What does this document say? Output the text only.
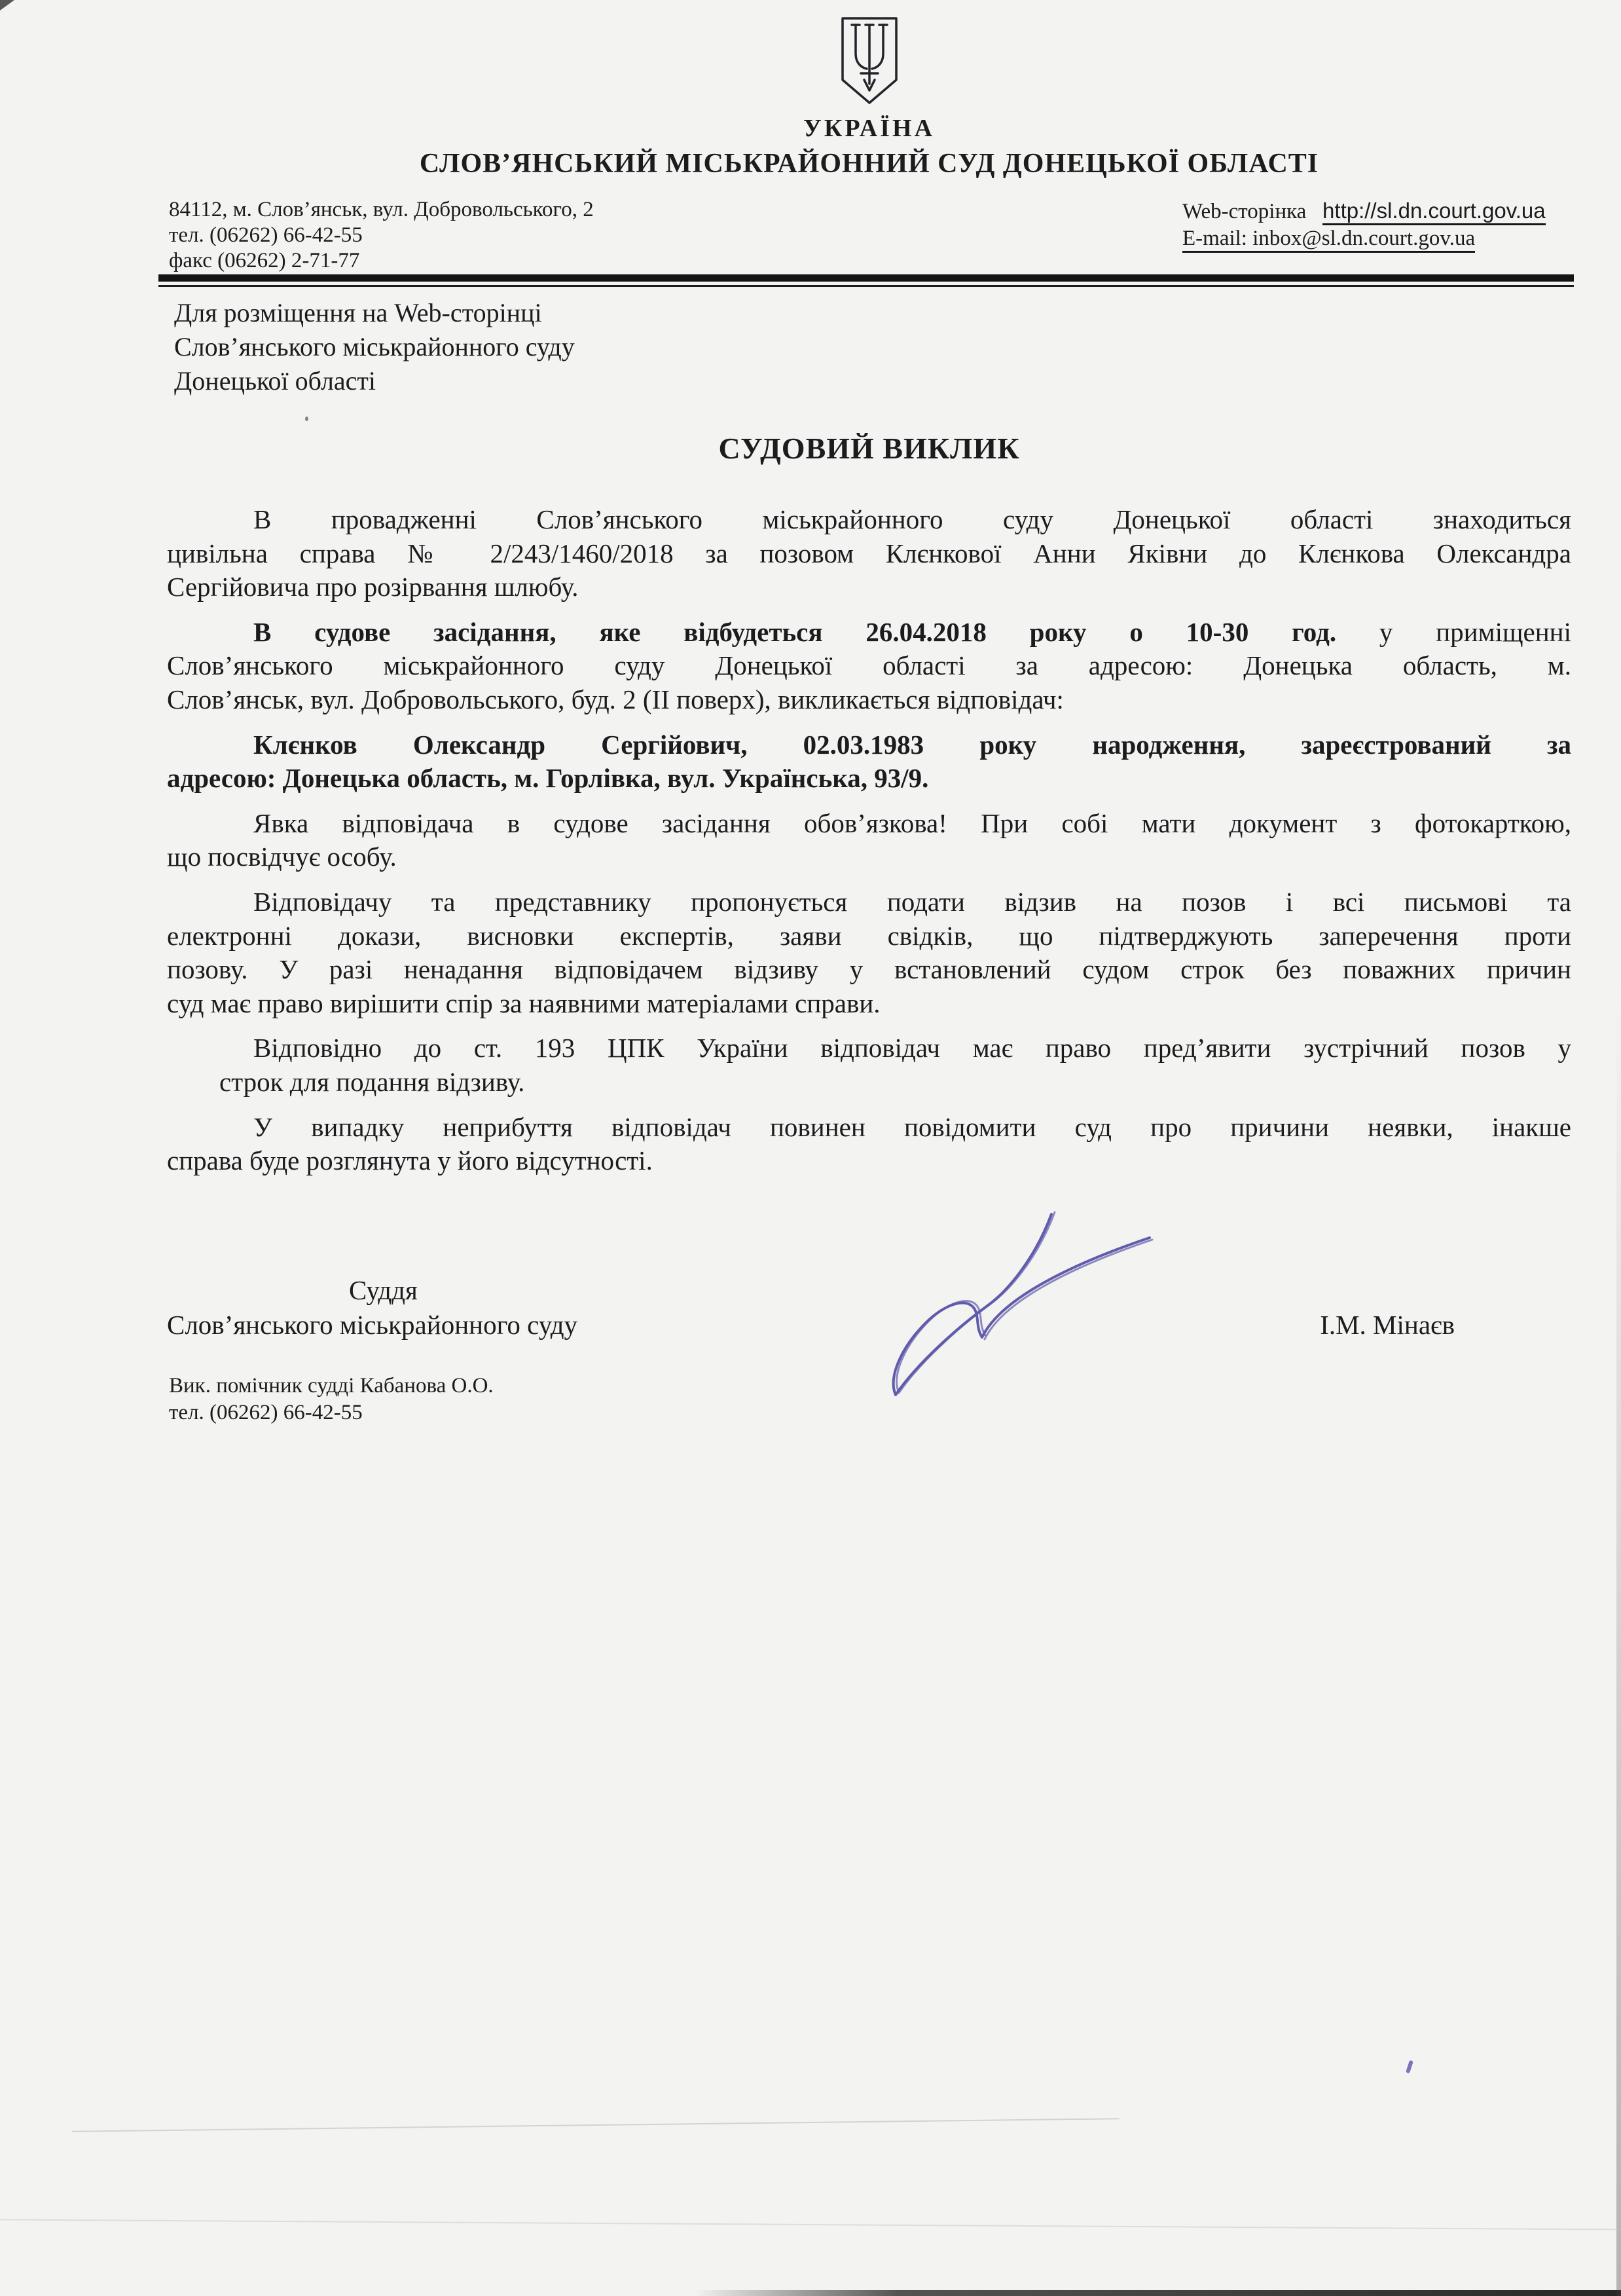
УКРАЇНА
СЛОВ’ЯНСЬКИЙ МІСЬКРАЙОННИЙ СУД ДОНЕЦЬКОЇ ОБЛАСТІ
84112, м. Слов’янськ, вул. Добровольського, 2
тел. (06262) 66-42-55
факс (06262) 2-71-77
Web-сторінка http://sl.dn.court.gov.ua
E-mail: inbox@sl.dn.court.gov.ua
Для розміщення на Web-сторінці
Слов’янського міськрайонного суду
Донецької області
СУДОВИЙ ВИКЛИК
В провадженні Слов’янського міськрайонного суду Донецької області знаходиться
цивільна справа № 2/243/1460/2018 за позовом Клєнкової Анни Яківни до Клєнкова Олександра
Сергійовича про розірвання шлюбу.
В судове засідання, яке відбудеться 26.04.2018 року о 10-30 год. у приміщенні
Слов’янського міськрайонного суду Донецької області за адресою: Донецька область, м.
Слов’янськ, вул. Добровольського, буд. 2 (ІІ поверх), викликається відповідач:
Клєнков Олександр Сергійович, 02.03.1983 року народження, зареєстрований за
адресою: Донецька область, м. Горлівка, вул. Українська, 93/9.
Явка відповідача в судове засідання обов’язкова! При собі мати документ з фотокарткою,
що посвідчує особу.
Відповідачу та представнику пропонується подати відзив на позов і всі письмові та
електронні докази, висновки експертів, заяви свідків, що підтверджують заперечення проти
позову. У разі ненадання відповідачем відзиву у встановлений судом строк без поважних причин
суд має право вирішити спір за наявними матеріалами справи.
Відповідно до ст. 193 ЦПК України відповідач має право пред’явити зустрічний позов у
строк для подання відзиву.
У випадку неприбуття відповідач повинен повідомити суд про причини неявки, інакше
справа буде розглянута у його відсутності.
Суддя
Слов’янського міськрайонного суду	І.М. Мінаєв
Вик. помічник судді Кабанова О.О.
тел. (06262) 66-42-55
